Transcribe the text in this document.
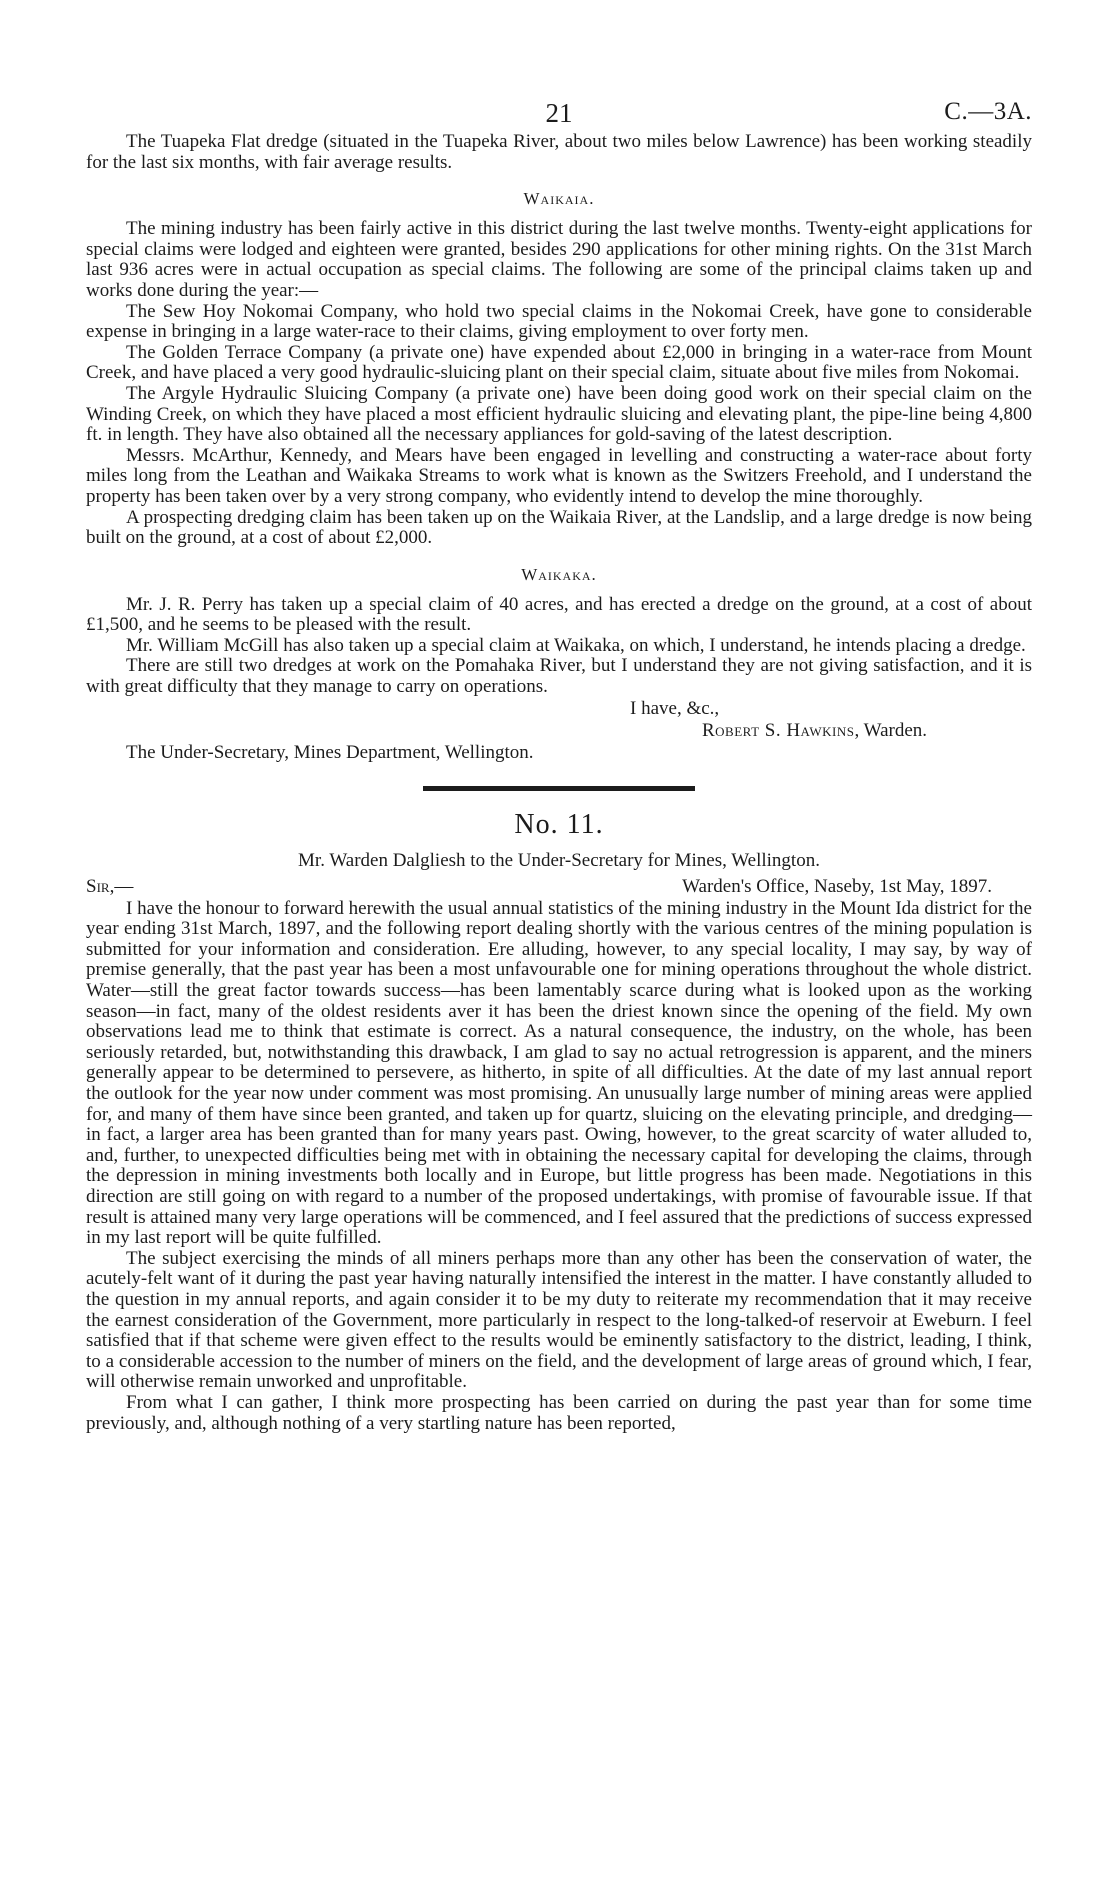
21	C.—3A.

The Tuapeka Flat dredge (situated in the Tuapeka River, about two miles below Lawrence) has been working steadily for the last six months, with fair average results.

Waikaia.

The mining industry has been fairly active in this district during the last twelve months. Twenty-eight applications for special claims were lodged and eighteen were granted, besides 290 applications for other mining rights. On the 31st March last 936 acres were in actual occupation as special claims. The following are some of the principal claims taken up and works done during the year:—

The Sew Hoy Nokomai Company, who hold two special claims in the Nokomai Creek, have gone to considerable expense in bringing in a large water-race to their claims, giving employment to over forty men.

The Golden Terrace Company (a private one) have expended about £2,000 in bringing in a water-race from Mount Creek, and have placed a very good hydraulic-sluicing plant on their special claim, situate about five miles from Nokomai.

The Argyle Hydraulic Sluicing Company (a private one) have been doing good work on their special claim on the Winding Creek, on which they have placed a most efficient hydraulic sluicing and elevating plant, the pipe-line being 4,800 ft. in length. They have also obtained all the necessary appliances for gold-saving of the latest description.

Messrs. McArthur, Kennedy, and Mears have been engaged in levelling and constructing a water-race about forty miles long from the Leathan and Waikaka Streams to work what is known as the Switzers Freehold, and I understand the property has been taken over by a very strong company, who evidently intend to develop the mine thoroughly.

A prospecting dredging claim has been taken up on the Waikaia River, at the Landslip, and a large dredge is now being built on the ground, at a cost of about £2,000.

Waikaka.

Mr. J. R. Perry has taken up a special claim of 40 acres, and has erected a dredge on the ground, at a cost of about £1,500, and he seems to be pleased with the result.

Mr. William McGill has also taken up a special claim at Waikaka, on which, I understand, he intends placing a dredge.

There are still two dredges at work on the Pomahaka River, but I understand they are not giving satisfaction, and it is with great difficulty that they manage to carry on operations.

I have, &c.,
Robert S. Hawkins, Warden.
The Under-Secretary, Mines Department, Wellington.
No. 11.
Mr. Warden Dalgliesh to the Under-Secretary for Mines, Wellington.
Sir,—	Warden's Office, Naseby, 1st May, 1897.

I have the honour to forward herewith the usual annual statistics of the mining industry in the Mount Ida district for the year ending 31st March, 1897, and the following report dealing shortly with the various centres of the mining population is submitted for your information and consideration. Ere alluding, however, to any special locality, I may say, by way of premise generally, that the past year has been a most unfavourable one for mining operations throughout the whole district. Water—still the great factor towards success—has been lamentably scarce during what is looked upon as the working season—in fact, many of the oldest residents aver it has been the driest known since the opening of the field. My own observations lead me to think that estimate is correct. As a natural consequence, the industry, on the whole, has been seriously retarded, but, notwithstanding this drawback, I am glad to say no actual retrogression is apparent, and the miners generally appear to be determined to persevere, as hitherto, in spite of all difficulties. At the date of my last annual report the outlook for the year now under comment was most promising. An unusually large number of mining areas were applied for, and many of them have since been granted, and taken up for quartz, sluicing on the elevating principle, and dredging—in fact, a larger area has been granted than for many years past. Owing, however, to the great scarcity of water alluded to, and, further, to unexpected difficulties being met with in obtaining the necessary capital for developing the claims, through the depression in mining investments both locally and in Europe, but little progress has been made. Negotiations in this direction are still going on with regard to a number of the proposed undertakings, with promise of favourable issue. If that result is attained many very large operations will be commenced, and I feel assured that the predictions of success expressed in my last report will be quite fulfilled.

The subject exercising the minds of all miners perhaps more than any other has been the conservation of water, the acutely-felt want of it during the past year having naturally intensified the interest in the matter. I have constantly alluded to the question in my annual reports, and again consider it to be my duty to reiterate my recommendation that it may receive the earnest consideration of the Government, more particularly in respect to the long-talked-of reservoir at Eweburn. I feel satisfied that if that scheme were given effect to the results would be eminently satisfactory to the district, leading, I think, to a considerable accession to the number of miners on the field, and the development of large areas of ground which, I fear, will otherwise remain unworked and unprofitable.

From what I can gather, I think more prospecting has been carried on during the past year than for some time previously, and, although nothing of a very startling nature has been reported,
